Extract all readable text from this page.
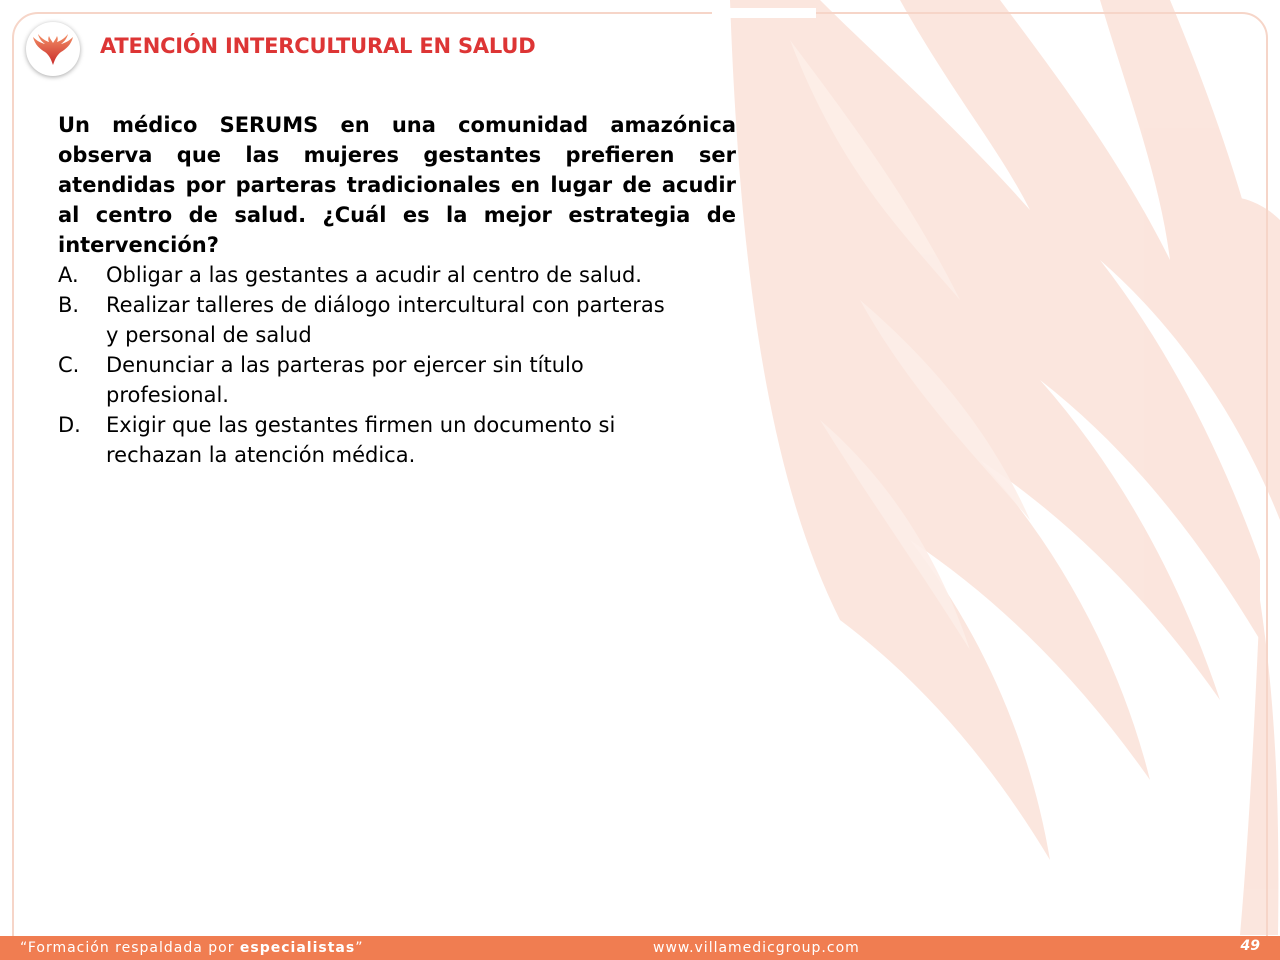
ATENCIÓN INTERCULTURAL EN SALUD

Un médico SERUMS en una comunidad amazónica observa que las mujeres gestantes prefieren ser atendidas por parteras tradicionales en lugar de acudir al centro de salud. ¿Cuál es la mejor estrategia de intervención?

A.	Obligar a las gestantes a acudir al centro de salud.
B.	Realizar talleres de diálogo intercultural con parteras y personal de salud
C.	Denunciar a las parteras por ejercer sin título profesional.
D.	Exigir que las gestantes firmen un documento si rechazan la atención médica.
“Formación respaldada por especialistas”	www.villamedicgroup.com	49
